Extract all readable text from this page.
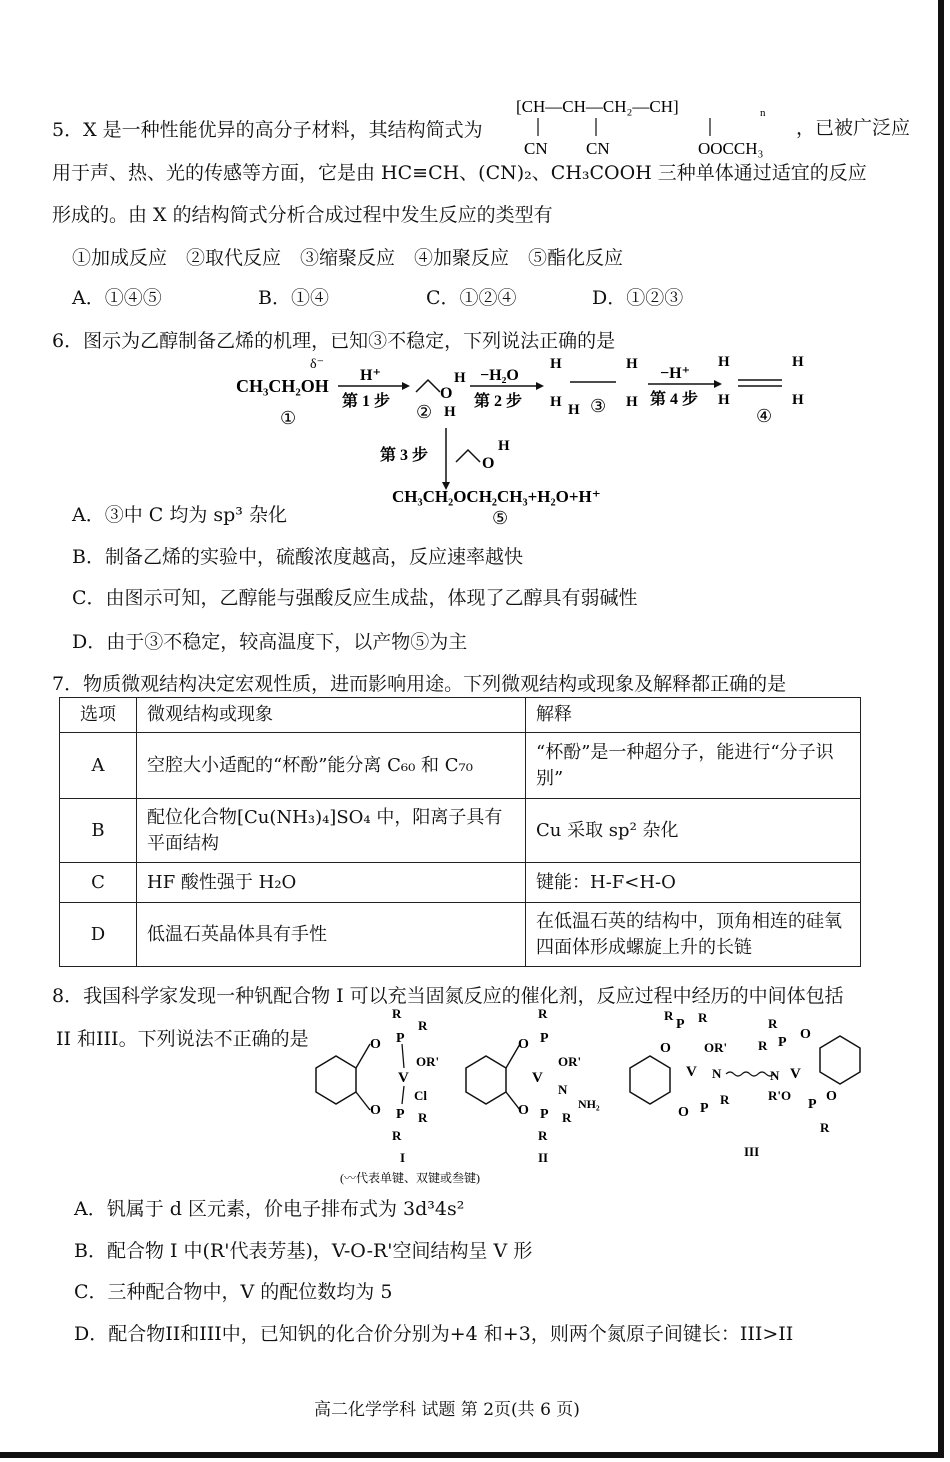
5．X 是一种性能优异的高分子材料，其结构简式为
[CH—CH—CH₂—CH]	n
CN CN	OOCCH₃
，已被广泛应
用于声、热、光的传感等方面，它是由 HC≡CH、(CN)₂、CH₃COOH 三种单体通过适宜的反应
形成的。由 X 的结构简式分析合成过程中发生反应的类型有
①加成反应　②取代反应　③缩聚反应　④加聚反应　⑤酯化反应
A．①④⑤	B．①④	C．①②④	D．①②③
6．图示为乙醇制备乙烯的机理，已知③不稳定，下列说法正确的是
CH₃CH₂OH
δ⁻
①
H⁺
第 1 步	O
H
H
②
−H₂O
第 2 步
H	H
H H	H
③
−H⁺
第 4 步
H	H
H	H
④
第 3 步	O
H
CH₃CH₂OCH₂CH₃+H₂O+H⁺
⑤
A．③中 C 均为 sp³ 杂化
B．制备乙烯的实验中，硫酸浓度越高，反应速率越快
C．由图示可知，乙醇能与强酸反应生成盐，体现了乙醇具有弱碱性
D．由于③不稳定，较高温度下，以产物⑤为主
7．物质微观结构决定宏观性质，进而影响用途。下列微观结构或现象及解释都正确的是
选项	微观结构或现象	解释
A	空腔大小适配的“杯酚”能分离 C₆₀ 和 C₇₀	“杯酚”是一种超分子，能进行“分子识别”
B	配位化合物[Cu(NH₃)₄]SO₄ 中，阳离子具有平面结构	Cu 采取 sp² 杂化
C	HF 酸性强于 H₂O	键能：H-F<H-O
D	低温石英晶体具有手性	在低温石英的结构中，顶角相连的硅氧四面体形成螺旋上升的长链
8．我国科学家发现一种钒配合物 I 可以充当固氮反应的催化剂，反应过程中经历的中间体包括
II 和III。下列说法不正确的是	O
O
P
P
R
R
R
R
V
OR'
Cl
I
O
O
P
P
R
R
R
V
OR'
N
NH₂
II
O
O
P
P
R R
R
V
OR'
N	N V
R
R P
O
R'O
P
O
R
III
(〰代表单键、双键或叁键)
A．钒属于 d 区元素，价电子排布式为 3d³4s²
B．配合物 I 中(R'代表芳基)，V-O-R'空间结构呈 V 形
C．三种配合物中，V 的配位数均为 5
D．配合物II和III中，已知钒的化合价分别为+4 和+3，则两个氮原子间键长：III>II
高二化学学科 试题 第 2页(共 6 页)
